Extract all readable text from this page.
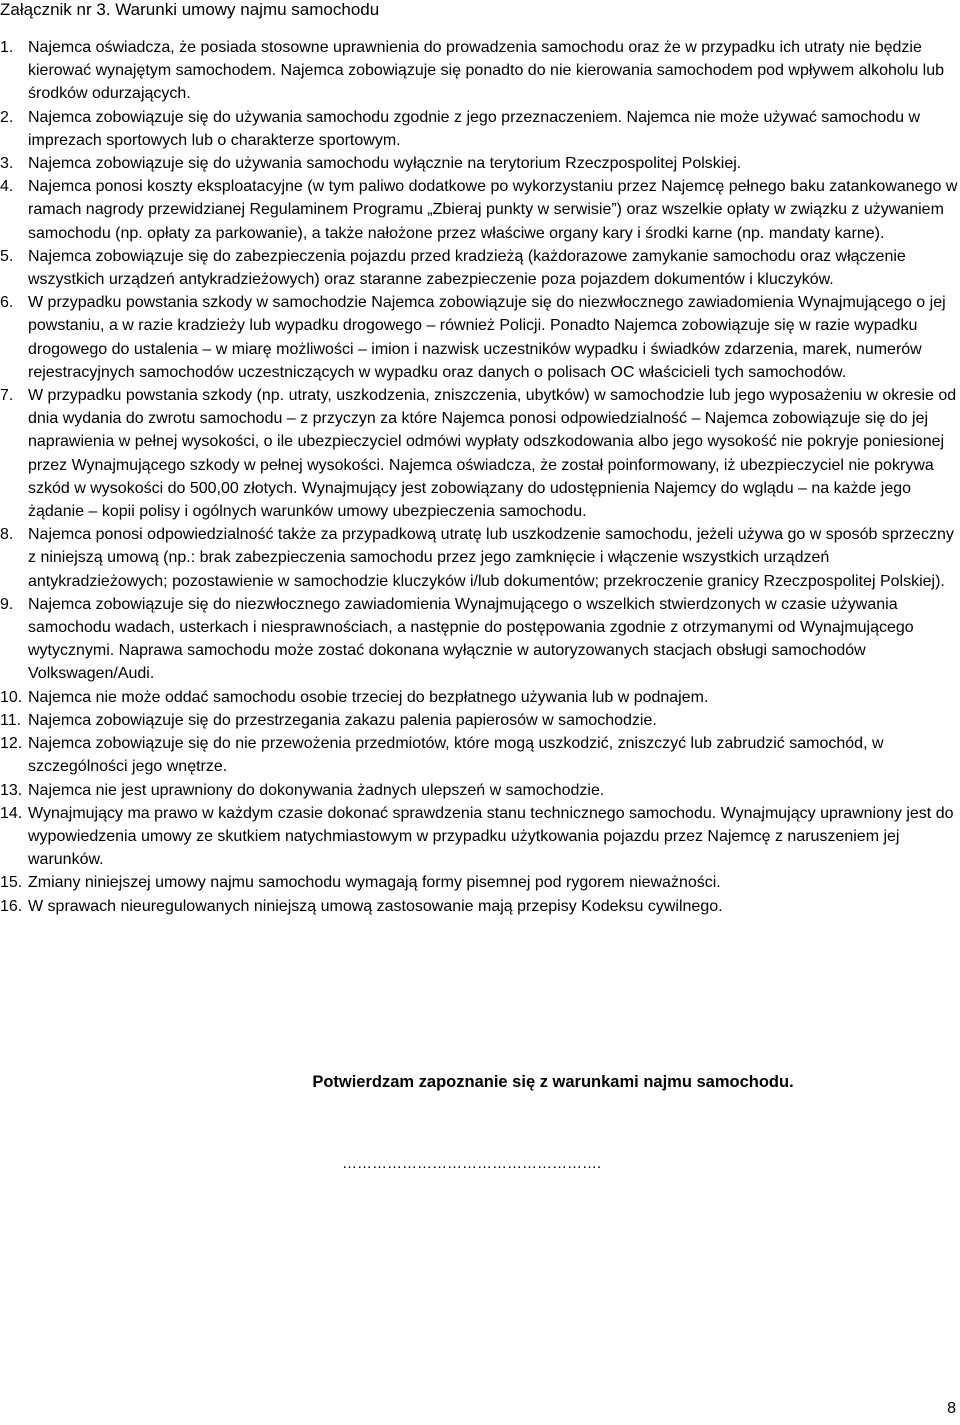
Załącznik nr 3. Warunki umowy najmu samochodu
1. Najemca oświadcza, że posiada stosowne uprawnienia do prowadzenia samochodu oraz że w przypadku ich utraty nie będzie kierować wynajętym samochodem. Najemca zobowiązuje się ponadto do nie kierowania samochodem pod wpływem alkoholu lub środków odurzających.
2. Najemca zobowiązuje się do używania samochodu zgodnie z jego przeznaczeniem. Najemca nie może używać samochodu w imprezach sportowych lub o charakterze sportowym.
3. Najemca zobowiązuje się do używania samochodu wyłącznie na terytorium Rzeczpospolitej Polskiej.
4. Najemca ponosi koszty eksploatacyjne (w tym paliwo dodatkowe po wykorzystaniu przez Najemcę pełnego baku zatankowanego w ramach nagrody przewidzianej Regulaminem Programu „Zbieraj punkty w serwisie”) oraz wszelkie opłaty w związku z używaniem samochodu (np. opłaty za parkowanie), a także nałożone przez właściwe organy kary i środki karne (np. mandaty karne).
5. Najemca zobowiązuje się do zabezpieczenia pojazdu przed kradzieżą (każdorazowe zamykanie samochodu oraz włączenie wszystkich urządzeń antykradzieżowych) oraz staranne zabezpieczenie poza pojazdem dokumentów i kluczyków.
6. W przypadku powstania szkody w samochodzie Najemca zobowiązuje się do niezwłocznego zawiadomienia Wynajmującego o jej powstaniu, a w razie kradzieży lub wypadku drogowego – również Policji. Ponadto Najemca zobowiązuje się w razie wypadku drogowego do ustalenia – w miarę możliwości – imion i nazwisk uczestników wypadku i świadków zdarzenia, marek, numerów rejestracyjnych samochodów uczestniczących w wypadku oraz danych o polisach OC właścicieli tych samochodów.
7. W przypadku powstania szkody (np. utraty, uszkodzenia, zniszczenia, ubytków) w samochodzie lub jego wyposażeniu w okresie od dnia wydania do zwrotu samochodu – z przyczyn za które Najemca ponosi odpowiedzialność – Najemca zobowiązuje się do jej naprawienia w pełnej wysokości, o ile ubezpieczyciel odmówi wypłaty odszkodowania albo jego wysokość nie pokryje poniesionej przez Wynajmującego szkody w pełnej wysokości. Najemca oświadcza, że został poinformowany, iż ubezpieczyciel nie pokrywa szkód w wysokości do 500,00 złotych. Wynajmujący jest zobowiązany do udostępnienia Najemcy do wglądu – na każde jego żądanie – kopii polisy i ogólnych warunków umowy ubezpieczenia samochodu.
8. Najemca ponosi odpowiedzialność także za przypadkową utratę lub uszkodzenie samochodu, jeżeli używa go w sposób sprzeczny z niniejszą umową (np.: brak zabezpieczenia samochodu przez jego zamknięcie i włączenie wszystkich urządzeń antykradzieżowych; pozostawienie w samochodzie kluczyków i/lub dokumentów; przekroczenie granicy Rzeczpospolitej Polskiej).
9. Najemca zobowiązuje się do niezwłocznego zawiadomienia Wynajmującego o wszelkich stwierdzonych w czasie używania samochodu wadach, usterkach i niesprawnościach, a następnie do postępowania zgodnie z otrzymanymi od Wynajmującego wytycznymi. Naprawa samochodu może zostać dokonana wyłącznie w autoryzowanych stacjach obsługi samochodów Volkswagen/Audi.
10. Najemca nie może oddać samochodu osobie trzeciej do bezpłatnego używania lub w podnajem.
11. Najemca zobowiązuje się do przestrzegania zakazu palenia papierosów w samochodzie.
12. Najemca zobowiązuje się do nie przewożenia przedmiotów, które mogą uszkodzić, zniszczyć lub zabrudzić samochód, w szczególności jego wnętrze.
13. Najemca nie jest uprawniony do dokonywania żadnych ulepszeń w samochodzie.
14. Wynajmujący ma prawo w każdym czasie dokonać sprawdzenia stanu technicznego samochodu. Wynajmujący uprawniony jest do wypowiedzenia umowy ze skutkiem natychmiastowym w przypadku użytkowania pojazdu przez Najemcę z naruszeniem jej warunków.
15. Zmiany niniejszej umowy najmu samochodu wymagają formy pisemnej pod rygorem nieważności.
16. W sprawach nieuregulowanych niniejszą umową zastosowanie mają przepisy Kodeksu cywilnego.
Potwierdzam zapoznanie się z warunkami najmu samochodu.
…………………………………………….
8
